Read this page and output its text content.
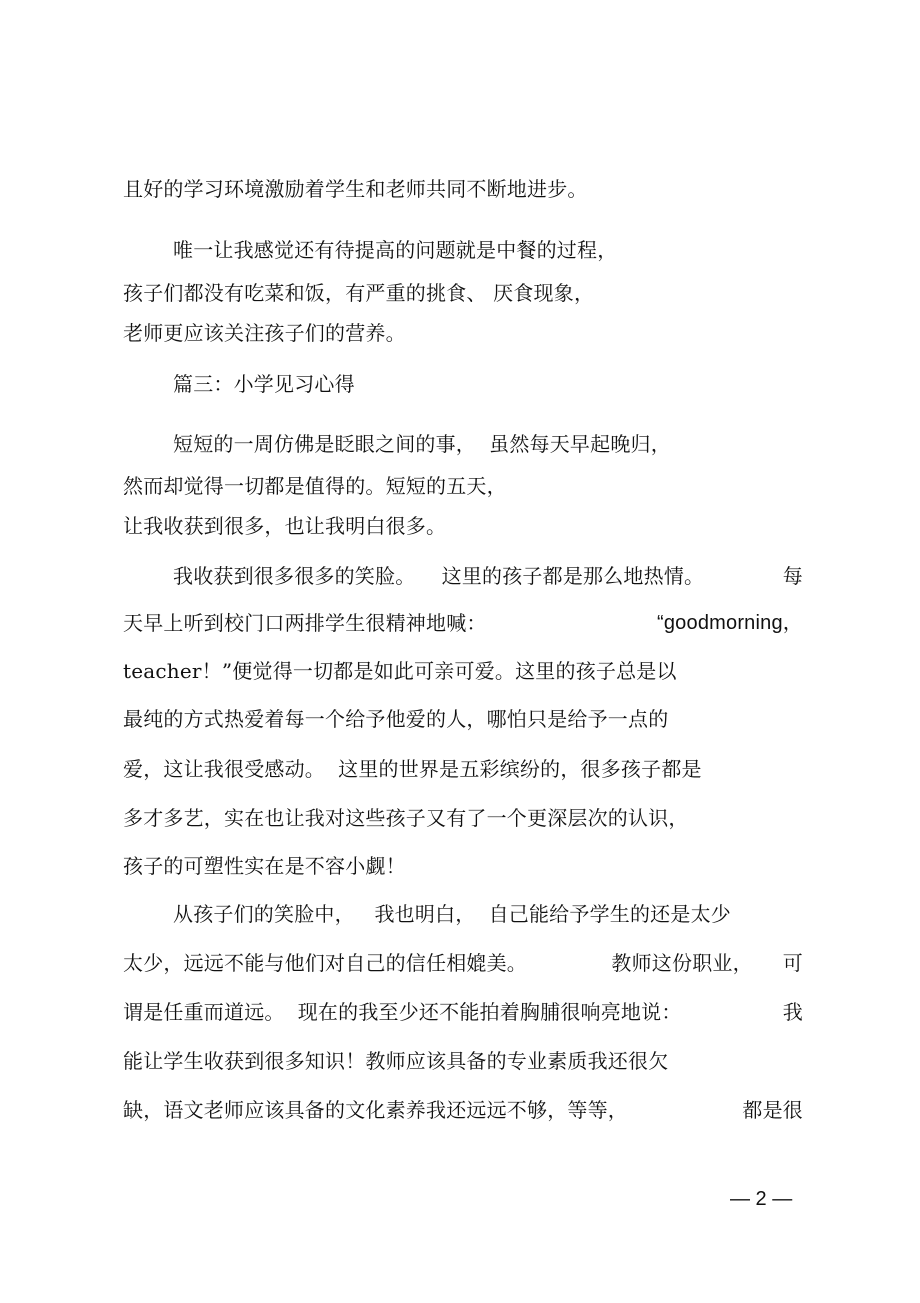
且好的学习环境激励着学生和老师共同不断地进步。
唯一让我感觉还有待提高的问题就是中餐的过程，
孩子们都没有吃菜和饭，有严重的挑食、 厌食现象，
老师更应该关注孩子们的营养。
篇三：小学见习心得
短短的一周仿佛是眨眼之间的事，  虽然每天早起晚归，
然而却觉得一切都是值得的。短短的五天，
让我收获到很多，也让我明白很多。
我收获到很多很多的笑脸。    这里的孩子都是那么地热情。	每
天早上听到校门口两排学生很精神地喊：	“goodmorning，
teacher！”便觉得一切都是如此可亲可爱。这里的孩子总是以
最纯的方式热爱着每一个给予他爱的人，哪怕只是给予一点的
爱，这让我很受感动。  这里的世界是五彩缤纷的，很多孩子都是
多才多艺，实在也让我对这些孩子又有了一个更深层次的认识，
孩子的可塑性实在是不容小觑！
从孩子们的笑脸中，   我也明白，  自己能给予学生的还是太少
太少，远远不能与他们对自己的信任相媲美。	教师这份职业， 可
谓是任重而道远。  现在的我至少还不能拍着胸脯很响亮地说：	我
能让学生收获到很多知识！教师应该具备的专业素质我还很欠
缺，语文老师应该具备的文化素养我还远远不够，等等，	都是很
— 2 —
